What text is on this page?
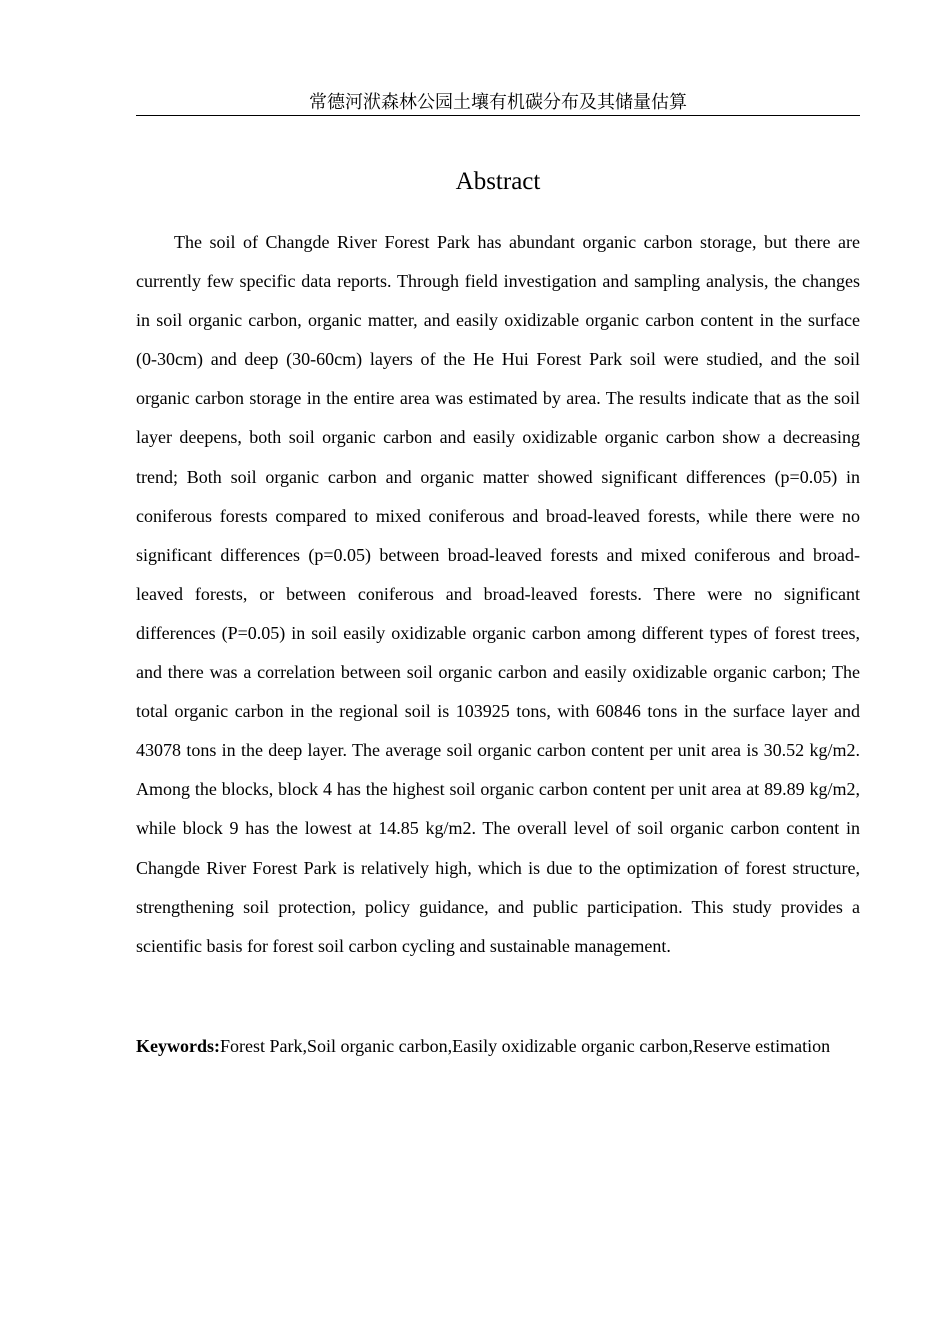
常德河洑森林公园土壤有机碳分布及其储量估算
Abstract

The soil of Changde River Forest Park has abundant organic carbon storage, but there are currently few specific data reports. Through field investigation and sampling analysis, the changes in soil organic carbon, organic matter, and easily oxidizable organic carbon content in the surface (0-30cm) and deep (30-60cm) layers of the He Hui Forest Park soil were studied, and the soil organic carbon storage in the entire area was estimated by area. The results indicate that as the soil layer deepens, both soil organic carbon and easily oxidizable organic carbon show a decreasing trend; Both soil organic carbon and organic matter showed significant differences (p=0.05) in coniferous forests compared to mixed coniferous and broad-leaved forests, while there were no significant differences (p=0.05) between broad-leaved forests and mixed coniferous and broad-leaved forests, or between coniferous and broad-leaved forests. There were no significant differences (P=0.05) in soil easily oxidizable organic carbon among different types of forest trees, and there was a correlation between soil organic carbon and easily oxidizable organic carbon; The total organic carbon in the regional soil is 103925 tons, with 60846 tons in the surface layer and 43078 tons in the deep layer. The average soil organic carbon content per unit area is 30.52 kg/m2. Among the blocks, block 4 has the highest soil organic carbon content per unit area at 89.89 kg/m2, while block 9 has the lowest at 14.85 kg/m2. The overall level of soil organic carbon content in Changde River Forest Park is relatively high, which is due to the optimization of forest structure, strengthening soil protection, policy guidance, and public participation. This study provides a scientific basis for forest soil carbon cycling and sustainable management.

Keywords:Forest Park,Soil organic carbon,Easily oxidizable organic carbon,Reserve estimation
